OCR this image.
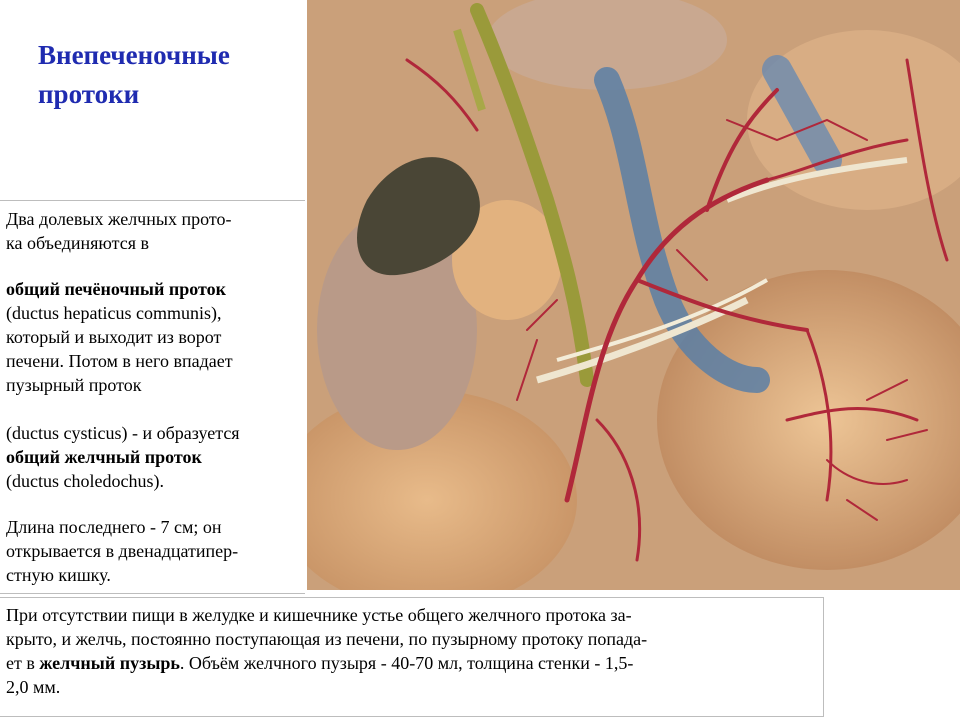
Внепеченочные
протоки
Два долевых желчных прото-
ка объединяются в
общий печёночный проток
(ductus hepaticus communis),
который и выходит из ворот
печени. Потом в него впадает
пузырный проток
(ductus cysticus) - и образуется
общий желчный проток
(ductus choledochus).
Длина последнего - 7 см; он
открывается в двенадцатипер-
стную кишку.
При отсутствии пищи в желудке и кишечнике устье общего желчного протока за-
крыто, и желчь, постоянно поступающая из печени, по пузырному протоку попада-
ет в желчный пузырь. Объём желчного пузыря - 40-70 мл, толщина стенки - 1,5-
2,0 мм.
